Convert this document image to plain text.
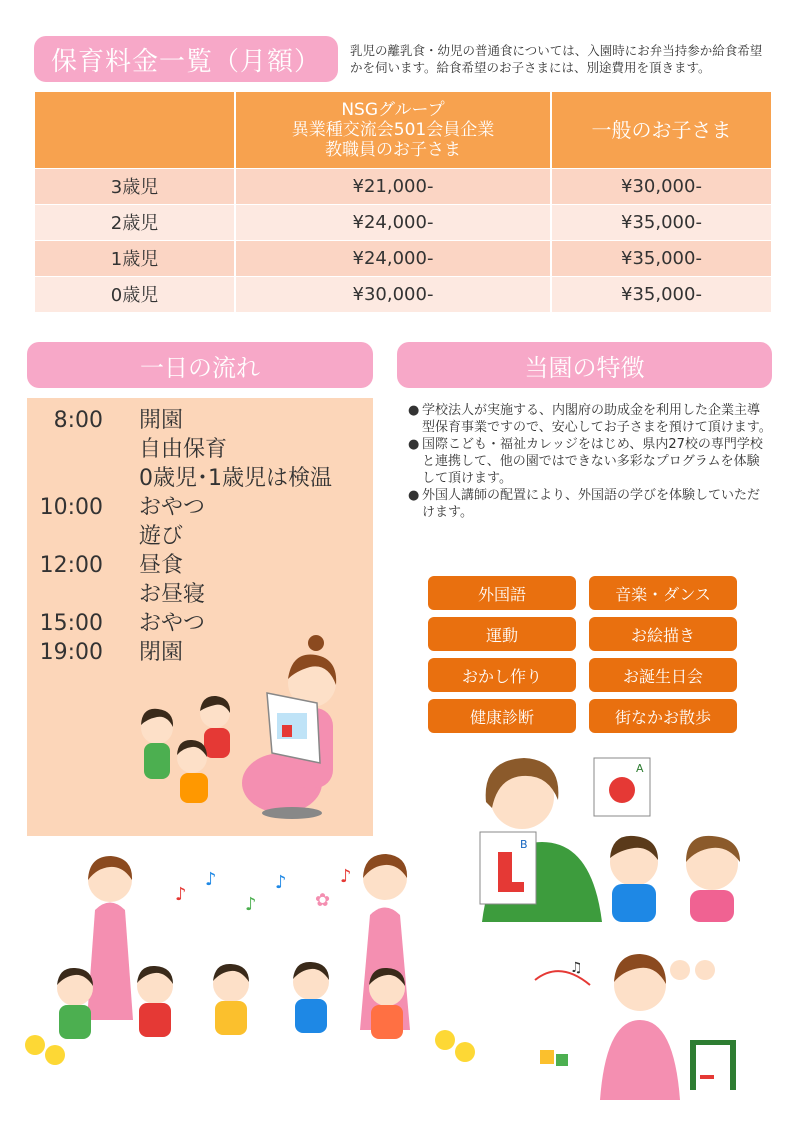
保育料金一覧（月額）	乳児の離乳食・幼児の普通食については、入園時にお弁当持参か給食希望かを伺います。給食希望のお子さまには、別途費用を頂きます。

	NSGグループ
異業種交流会501会員企業
教職員のお子さま	一般のお子さま
3歳児	¥21,000-	¥30,000-
2歳児	¥24,000-	¥35,000-
1歳児	¥24,000-	¥35,000-
0歳児	¥30,000-	¥35,000-
一日の流れ
8:00	開園
自由保育
0歳児･1歳児は検温
10:00	おやつ
遊び
12:00	昼食
お昼寝
15:00	おやつ
19:00	閉園
当園の特徴
● 学校法人が実施する、内閣府の助成金を利用した企業主導型保育事業ですので、安心してお子さまを預けて頂けます。
● 国際こども・福祉カレッジをはじめ、県内27校の専門学校と連携して、他の園ではできない多彩なプログラムを体験して頂けます。
● 外国人講師の配置により、外国語の学びを体験していただけます。
外国語	音楽・ダンス
運動	お絵描き
おかし作り	お誕生日会
健康診断	街なかお散歩
B
A
♪
♪
♪
♪
✿
♪
♫
